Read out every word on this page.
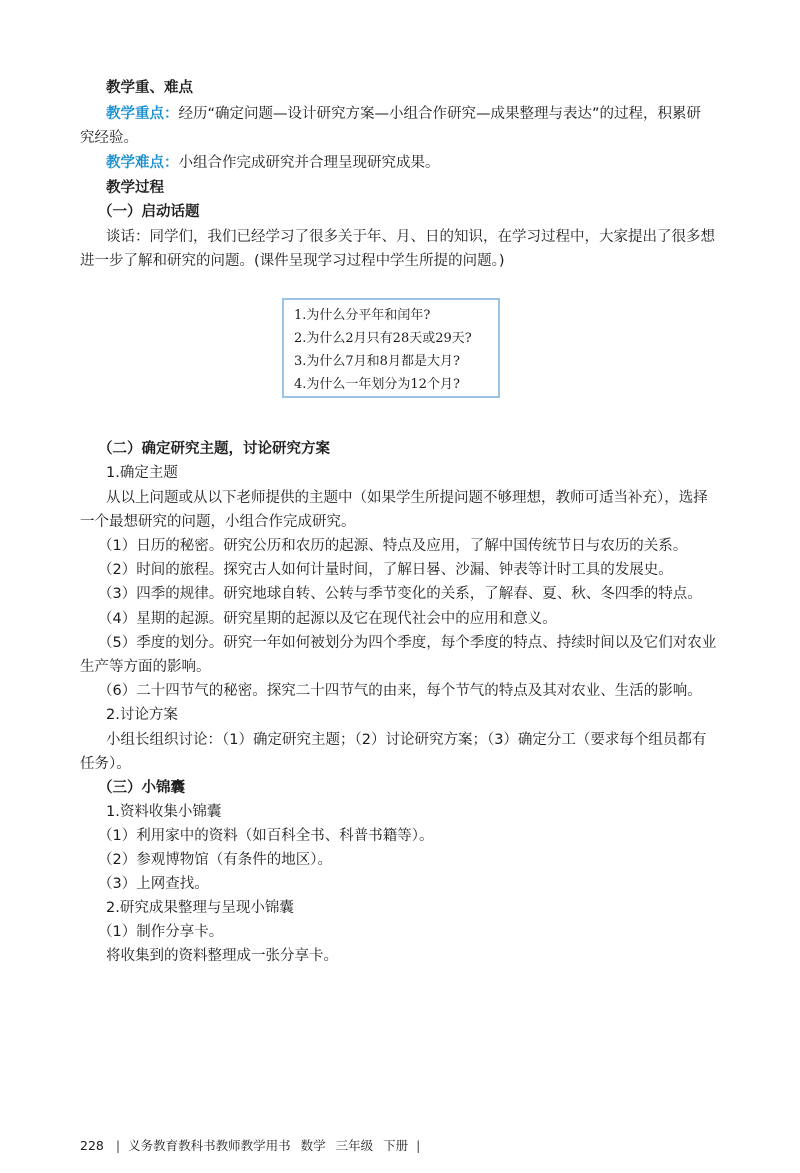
教学重、难点
教学重点：经历“确定问题—设计研究方案—小组合作研究—成果整理与表达”的过程，积累研
究经验。
教学难点：小组合作完成研究并合理呈现研究成果。
教学过程
（一）启动话题
谈话：同学们，我们已经学习了很多关于年、月、日的知识，在学习过程中，大家提出了很多想
进一步了解和研究的问题。(课件呈现学习过程中学生所提的问题。)
1.为什么分平年和闰年?
2.为什么2月只有28天或29天?
3.为什么7月和8月都是大月?
4.为什么一年划分为12个月?
（二）确定研究主题，讨论研究方案
1.确定主题
从以上问题或从以下老师提供的主题中（如果学生所提问题不够理想，教师可适当补充），选择
一个最想研究的问题，小组合作完成研究。
（1）日历的秘密。研究公历和农历的起源、特点及应用，了解中国传统节日与农历的关系。
（2）时间的旅程。探究古人如何计量时间，了解日晷、沙漏、钟表等计时工具的发展史。
（3）四季的规律。研究地球自转、公转与季节变化的关系，了解春、夏、秋、冬四季的特点。
（4）星期的起源。研究星期的起源以及它在现代社会中的应用和意义。
（5）季度的划分。研究一年如何被划分为四个季度，每个季度的特点、持续时间以及它们对农业
生产等方面的影响。
（6）二十四节气的秘密。探究二十四节气的由来，每个节气的特点及其对农业、生活的影响。
2.讨论方案
小组长组织讨论：（1）确定研究主题；（2）讨论研究方案；（3）确定分工（要求每个组员都有
任务）。
（三）小锦囊
1.资料收集小锦囊
（1）利用家中的资料（如百科全书、科普书籍等）。
（2）参观博物馆（有条件的地区）。
（3）上网查找。
2.研究成果整理与呈现小锦囊
（1）制作分享卡。
将收集到的资料整理成一张分享卡。
228 | 义务教育教科书教师教学用书 数学 三年级 下册 |
